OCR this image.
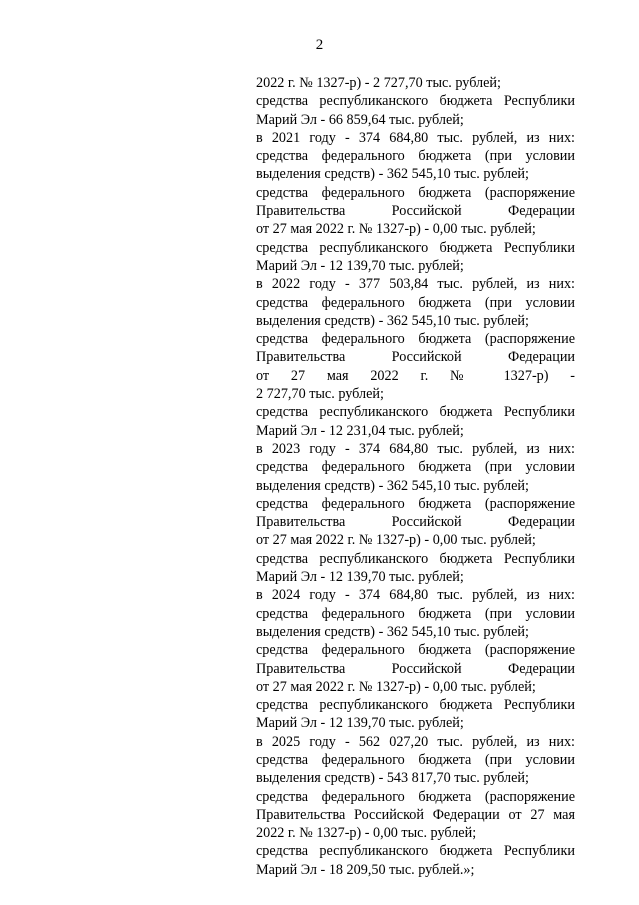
2
2022 г. № 1327-р) - 2 727,70 тыс. рублей;
средства республиканского бюджета Республики
Марий Эл - 66 859,64 тыс. рублей;
в 2021 году - 374 684,80 тыс. рублей, из них:
средства федерального бюджета (при условии
выделения средств) - 362 545,10 тыс. рублей;
средства федерального бюджета (распоряжение
Правительства Российской Федерации
от 27 мая 2022 г. № 1327-р) - 0,00 тыс. рублей;
средства республиканского бюджета Республики
Марий Эл - 12 139,70 тыс. рублей;
в 2022 году - 377 503,84 тыс. рублей, из них:
средства федерального бюджета (при условии
выделения средств) - 362 545,10 тыс. рублей;
средства федерального бюджета (распоряжение
Правительства Российской Федерации
от 27 мая 2022 г. № 1327-р) -
2 727,70 тыс. рублей;
средства республиканского бюджета Республики
Марий Эл - 12 231,04 тыс. рублей;
в 2023 году - 374 684,80 тыс. рублей, из них:
средства федерального бюджета (при условии
выделения средств) - 362 545,10 тыс. рублей;
средства федерального бюджета (распоряжение
Правительства Российской Федерации
от 27 мая 2022 г. № 1327-р) - 0,00 тыс. рублей;
средства республиканского бюджета Республики
Марий Эл - 12 139,70 тыс. рублей;
в 2024 году - 374 684,80 тыс. рублей, из них:
средства федерального бюджета (при условии
выделения средств) - 362 545,10 тыс. рублей;
средства федерального бюджета (распоряжение
Правительства Российской Федерации
от 27 мая 2022 г. № 1327-р) - 0,00 тыс. рублей;
средства республиканского бюджета Республики
Марий Эл - 12 139,70 тыс. рублей;
в 2025 году - 562 027,20 тыс. рублей, из них:
средства федерального бюджета (при условии
выделения средств) - 543 817,70 тыс. рублей;
средства федерального бюджета (распоряжение
Правительства Российской Федерации от 27 мая
2022 г. № 1327-р) - 0,00 тыс. рублей;
средства республиканского бюджета Республики
Марий Эл - 18 209,50 тыс. рублей.»;
